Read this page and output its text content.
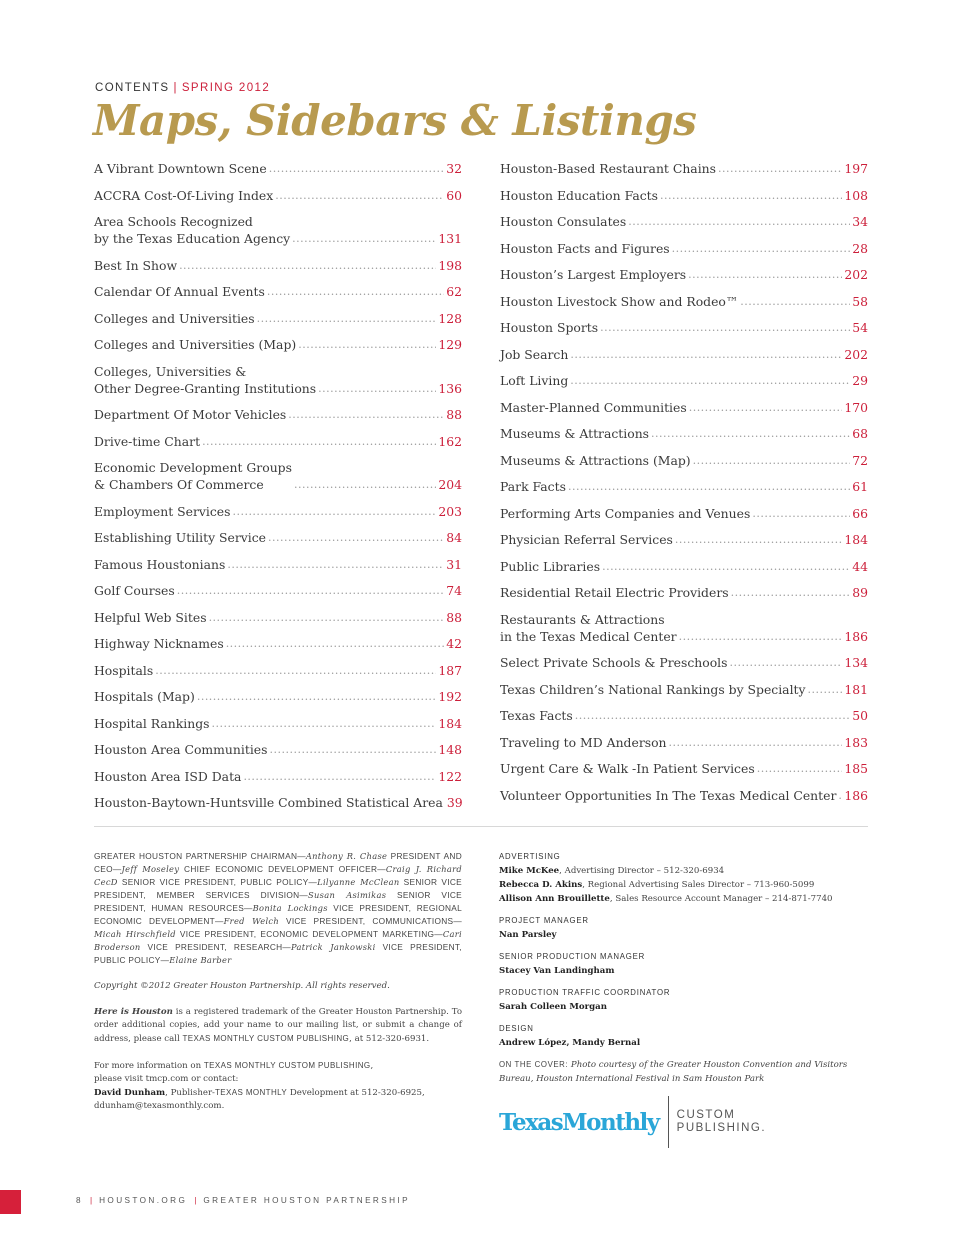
CONTENTS | SPRING 2012
Maps, Sidebars & Listings
A Vibrant Downtown Scene . . .	32
ACCRA Cost-Of-Living Index . . .	60
Area Schools Recognized
by the Texas Education Agency . . .	131
Best In Show . . .	198
Calendar Of Annual Events . . .	62
Colleges and Universities . . .	128
Colleges and Universities (Map) . . .	129
Colleges, Universities &
Other Degree-Granting Institutions . . .	136
Department Of Motor Vehicles . . .	88
Drive-time Chart . . .	162
Economic Development Groups
& Chambers Of Commerce . . .	204
Employment Services . . .	203
Establishing Utility Service . . .	84
Famous Houstonians . . .	31
Golf Courses . . .	74
Helpful Web Sites . . .	88
Highway Nicknames . . .	42
Hospitals . . .	187
Hospitals (Map) . . .	192
Hospital Rankings . . .	184
Houston Area Communities . . .	148
Houston Area ISD Data . . .	122
Houston-Baytown-Huntsville Combined Statistical Area 39
Houston-Based Restaurant Chains . . .	197
Houston Education Facts . . .	108
Houston Consulates . . .	34
Houston Facts and Figures . . .	28
Houston’s Largest Employers . . .	202
Houston Livestock Show and Rodeo™ . . .	58
Houston Sports . . .	54
Job Search . . .	202
Loft Living . . .	29
Master-Planned Communities . . .	170
Museums & Attractions . . .	68
Museums & Attractions (Map) . . .	72
Park Facts . . .	61
Performing Arts Companies and Venues . . .	66
Physician Referral Services . . .	184
Public Libraries . . .	44
Residential Retail Electric Providers . . .	89
Restaurants & Attractions
in the Texas Medical Center . . .	186
Select Private Schools & Preschools . . .	134
Texas Children’s National Rankings by Specialty . . .	181
Texas Facts . . .	50
Traveling to MD Anderson . . .	183
Urgent Care & Walk -In Patient Services . . .	185
Volunteer Opportunities In The Texas Medical Center . . . 186

GREATER HOUSTON PARTNERSHIP CHAIRMAN—Anthony R. Chase PRESIDENT AND CEO—Jeff Moseley CHIEF ECONOMIC DEVELOPMENT OFFICER—Craig J. Richard CecD SENIOR VICE PRESIDENT, PUBLIC POLICY—Lilyanne McClean SENIOR VICE PRESIDENT, MEMBER SERVICES DIVISION—Susan Asimikas SENIOR VICE PRESIDENT, HUMAN RESOURCES—Bonita Lockings VICE PRESIDENT, REGIONAL ECONOMIC DEVELOPMENT—Fred Welch VICE PRESIDENT, COMMUNICATIONS—Micah Hirschfield VICE PRESIDENT, ECONOMIC DEVELOPMENT MARKETING—Cari Broderson VICE PRESIDENT, RESEARCH—Patrick Jankowski VICE PRESIDENT, PUBLIC POLICY—Elaine Barber

Copyright ©2012 Greater Houston Partnership. All rights reserved.

Here is Houston is a registered trademark of the Greater Houston Partnership. To order additional copies, add your name to our mailing list, or submit a change of address, please call TEXAS MONTHLY CUSTOM PUBLISHING, at 512-320-6931.

For more information on TEXAS MONTHLY CUSTOM PUBLISHING,
please visit tmcp.com or contact:
David Dunham, Publisher-TEXAS MONTHLY Development at 512-320-6925,
ddunham@texasmonthly.com.

ADVERTISING

Mike McKee, Advertising Director – 512-320-6934

Rebecca D. Akins, Regional Advertising Sales Director – 713-960-5099

Allison Ann Brouillette, Sales Resource Account Manager – 214-871-7740

PROJECT MANAGER

Nan Parsley

SENIOR PRODUCTION MANAGER

Stacey Van Landingham

PRODUCTION TRAFFIC COORDINATOR

Sarah Colleen Morgan

DESIGN

Andrew López, Mandy Bernal

ON THE COVER: Photo courtesy of the Greater Houston Convention and Visitors Bureau, Houston International Festival in Sam Houston Park

TexasMonthly CUSTOM
PUBLISHING.
8 | HOUSTON.ORG | GREATER HOUSTON PARTNERSHIP
